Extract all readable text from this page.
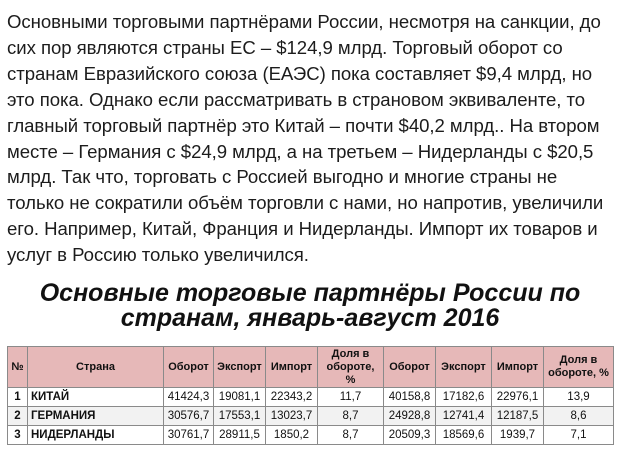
Основными торговыми партнёрами России, несмотря на санкции, до
сих пор являются страны ЕС – $124,9 млрд. Торговый оборот со
странам Евразийского союза (ЕАЭС) пока составляет $9,4 млрд, но
это пока. Однако если рассматривать в страновом эквиваленте, то
главный торговый партнёр это Китай – почти $40,2 млрд.. На втором
месте – Германия с $24,9 млрд, а на третьем – Нидерланды с $20,5
млрд. Так что, торговать с Россией выгодно и многие страны не
только не сократили объём торговли с нами, но напротив, увеличили
его. Например, Китай, Франция и Нидерланды. Импорт их товаров и
услуг в Россию только увеличился.
Основные торговые партнёры России по
странам, январь-август 2016
№	Страна	Оборот	Экспорт	Импорт	Доля в обороте, %	Оборот	Экспорт	Импорт	Доля в обороте, %
1	КИТАЙ	41424,3	19081,1	22343,2	11,7	40158,8	17182,6	22976,1	13,9
2	ГЕРМАНИЯ	30576,7	17553,1	13023,7	8,7	24928,8	12741,4	12187,5	8,6
3	НИДЕРЛАНДЫ	30761,7	28911,5	1850,2	8,7	20509,3	18569,6	1939,7	7,1
